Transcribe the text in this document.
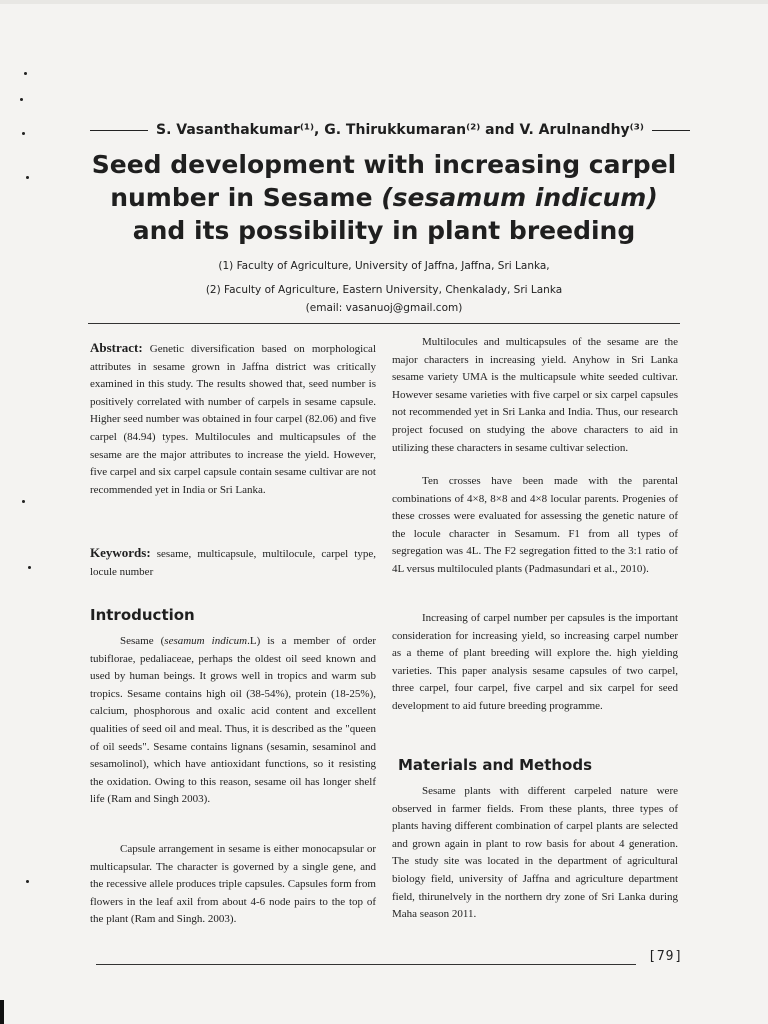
S. Vasanthakumar⁽¹⁾, G. Thirukkumaran⁽²⁾ and V. Arulnandhy⁽³⁾
Seed development with increasing carpel number in Sesame (sesamum indicum) and its possibility in plant breeding
(1) Faculty of Agriculture, University of Jaffna, Jaffna, Sri Lanka,
(2) Faculty of Agriculture, Eastern University, Chenkalady, Sri Lanka
(email: vasanuoj@gmail.com)

Abstract: Genetic diversification based on morphological attributes in sesame grown in Jaffna district was critically examined in this study. The results showed that, seed number is positively correlated with number of carpels in sesame capsule. Higher seed number was obtained in four carpel (82.06) and five carpel (84.94) types. Multilocules and multicapsules of the sesame are the major attributes to increase the yield. However, five carpel and six carpel capsule contain sesame cultivar are not recommended yet in India or Sri Lanka.

Keywords: sesame, multicapsule, multilocule, carpel type, locule number

Introduction

Sesame (sesamum indicum.L) is a member of order tubiflorae, pedaliaceae, perhaps the oldest oil seed known and used by human beings. It grows well in tropics and warm sub tropics. Sesame contains high oil (38-54%), protein (18-25%), calcium, phosphorous and oxalic acid content and excellent qualities of seed oil and meal. Thus, it is described as the "queen of oil seeds". Sesame contains lignans (sesamin, sesaminol and sesamolinol), which have antioxidant functions, so it resisting the oxidation. Owing to this reason, sesame oil has longer shelf life (Ram and Singh 2003).

Capsule arrangement in sesame is either monocapsular or multicapsular. The character is governed by a single gene, and the recessive allele produces triple capsules. Capsules form from flowers in the leaf axil from about 4-6 node pairs to the top of the plant (Ram and Singh. 2003).

Multilocules and multicapsules of the sesame are the major characters in increasing yield. Anyhow in Sri Lanka sesame variety UMA is the multicapsule white seeded cultivar. However sesame varieties with five carpel or six carpel capsules not recommended yet in Sri Lanka and India. Thus, our research project focused on studying the above characters to aid in utilizing these characters in sesame cultivar selection.

Ten crosses have been made with the parental combinations of 4×8, 8×8 and 4×8 locular parents. Progenies of these crosses were evaluated for assessing the genetic nature of the locule character in Sesamum. F1 from all types of segregation was 4L. The F2 segregation fitted to the 3:1 ratio of 4L versus multiloculed plants (Padmasundari et al., 2010).

Increasing of carpel number per capsules is the important consideration for increasing yield, so increasing carpel number as a theme of plant breeding will explore the. high yielding varieties. This paper analysis sesame capsules of two carpel, three carpel, four carpel, five carpel and six carpel for seed development to aid future breeding programme.

Materials and Methods

Sesame plants with different carpeled nature were observed in farmer fields. From these plants, three types of plants having different combination of carpel plants are selected and grown again in plant to row basis for about 4 generation. The study site was located in the department of agricultural biology field, university of Jaffna and agriculture department field, thirunelvely in the northern dry zone of Sri Lanka during Maha season 2011.

[79]
